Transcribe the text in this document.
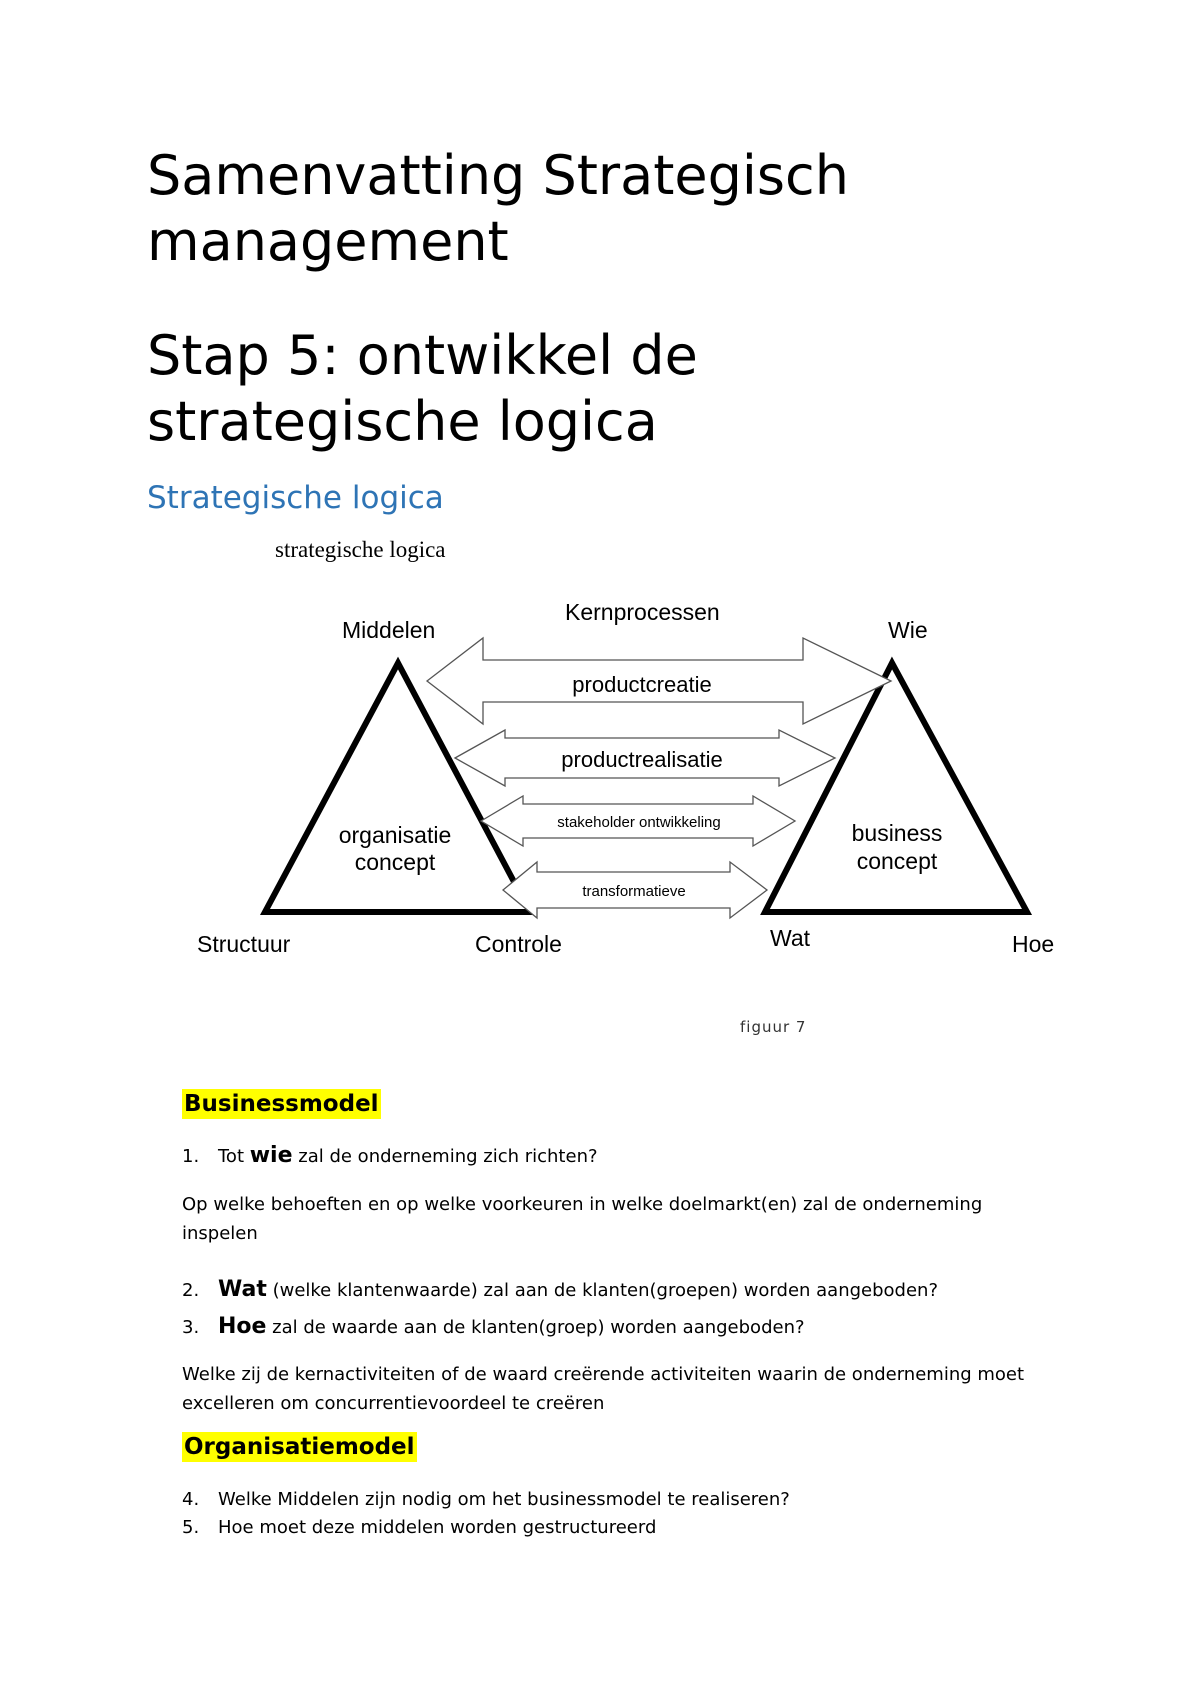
Samenvatting Strategisch
management
Stap 5: ontwikkel de
strategische logica
Strategische logica
strategische logica
Kernprocessen
Middelen	Wie
organisatie
concept
business
concept
productcreatie
productrealisatie
stakeholder ontwikkeling
transformatieve
Structuur	Controle	Wat	Hoe
figuur 7
Businessmodel

1. Tot wie zal de onderneming zich richten?

Op welke behoeften en op welke voorkeuren in welke doelmarkt(en) zal de onderneming inspelen

2. Wat (welke klantenwaarde) zal aan de klanten(groepen) worden aangeboden?

3. Hoe zal de waarde aan de klanten(groep) worden aangeboden?

Welke zij de kernactiviteiten of de waard creërende activiteiten waarin de onderneming moet excelleren om concurrentievoordeel te creëren

Organisatiemodel

4. Welke Middelen zijn nodig om het businessmodel te realiseren?

5. Hoe moet deze middelen worden gestructureerd
